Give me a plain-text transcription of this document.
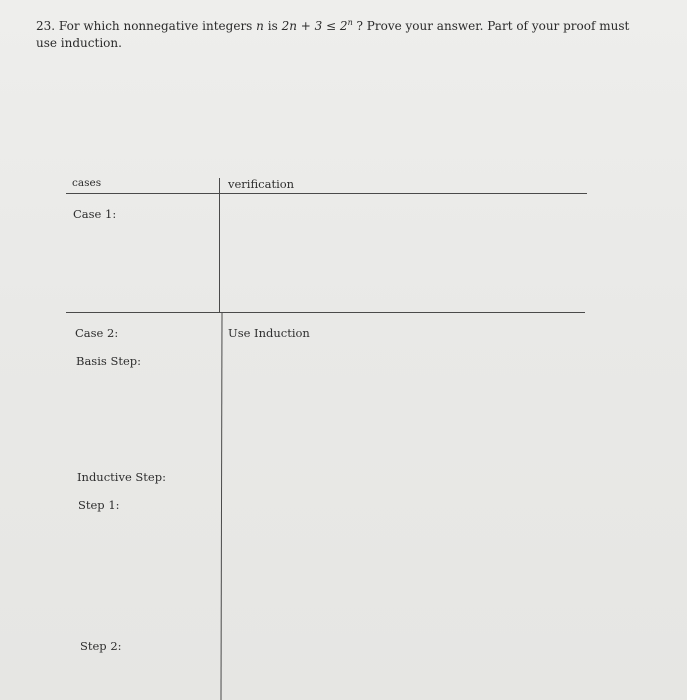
23. For which nonnegative integers n is $2n + 3 \le 2^n$ ? Prove your answer. Part of your proof must use induction.
cases	verification
Case 1:
Case 2:	Use Induction
Basis Step:
Inductive Step:
Step 1:
Step 2:
